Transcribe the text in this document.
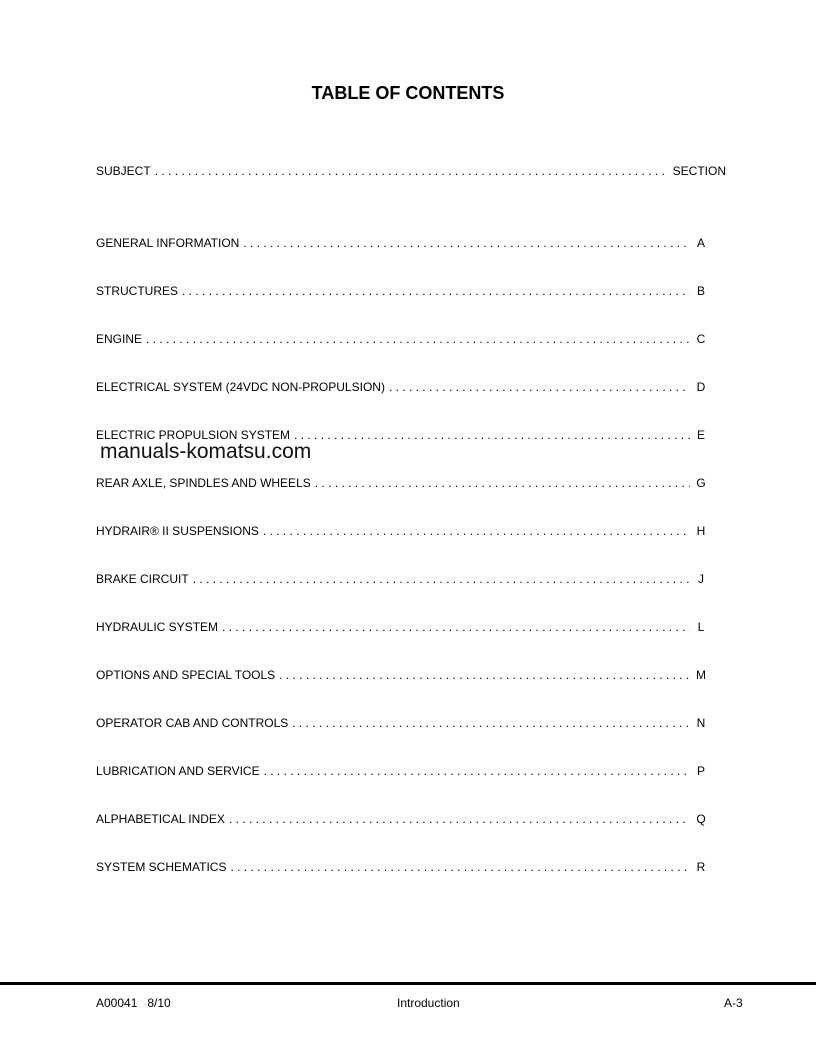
TABLE OF CONTENTS
SUBJECT . . .	SECTION
GENERAL INFORMATION . . .	A
STRUCTURES . . .	B
ENGINE . . .	C
ELECTRICAL SYSTEM (24VDC NON-PROPULSION) . . .	D
ELECTRIC PROPULSION SYSTEM . . .	E
REAR AXLE, SPINDLES AND WHEELS . . .	G
HYDRAIR® II SUSPENSIONS . . .	H
BRAKE CIRCUIT . . .	J
HYDRAULIC SYSTEM . . .	L
OPTIONS AND SPECIAL TOOLS . . .	M
OPERATOR CAB AND CONTROLS . . .	N
LUBRICATION AND SERVICE . . .	P
ALPHABETICAL INDEX . . .	Q
SYSTEM SCHEMATICS . . .	R
manuals-komatsu.com
A00041   8/10	Introduction	A-3
